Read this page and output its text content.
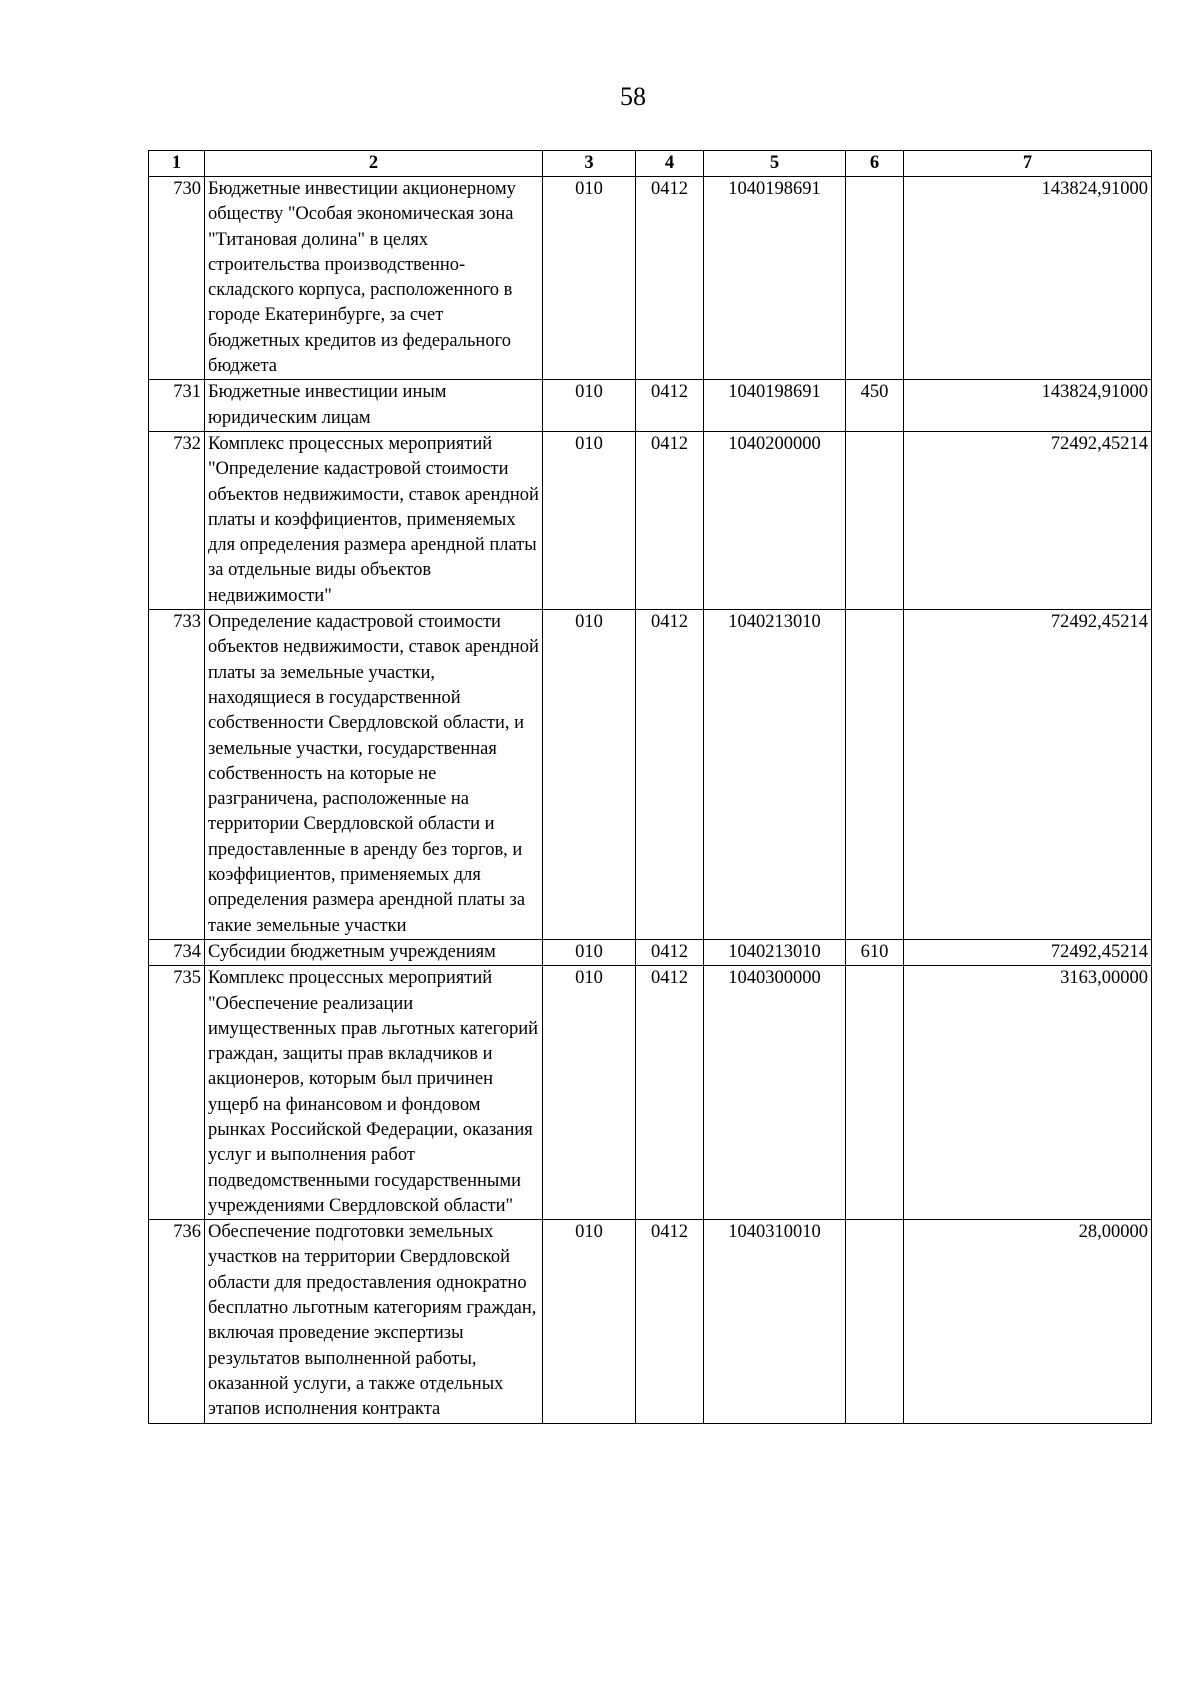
58
1	2	3	4	5	6	7
730	Бюджетные инвестиции акционерному обществу "Особая экономическая зона "Титановая долина" в целях строительства производственно-складского корпуса, расположенного в городе Екатеринбурге, за счет бюджетных кредитов из федерального бюджета	010	0412	1040198691		143824,91000
731	Бюджетные инвестиции иным юридическим лицам	010	0412	1040198691	450	143824,91000
732	Комплекс процессных мероприятий "Определение кадастровой стоимости объектов недвижимости, ставок арендной платы и коэффициентов, применяемых для определения размера арендной платы за отдельные виды объектов недвижимости"	010	0412	1040200000		72492,45214
733	Определение кадастровой стоимости объектов недвижимости, ставок арендной платы за земельные участки, находящиеся в государственной собственности Свердловской области, и земельные участки, государственная собственность на которые не разграничена, расположенные на территории Свердловской области и предоставленные в аренду без торгов, и коэффициентов, применяемых для определения размера арендной платы за такие земельные участки	010	0412	1040213010		72492,45214
734	Субсидии бюджетным учреждениям	010	0412	1040213010	610	72492,45214
735	Комплекс процессных мероприятий "Обеспечение реализации имущественных прав льготных категорий граждан, защиты прав вкладчиков и акционеров, которым был причинен ущерб на финансовом и фондовом рынках Российской Федерации, оказания услуг и выполнения работ подведомственными государственными учреждениями Свердловской области"	010	0412	1040300000		3163,00000
736	Обеспечение подготовки земельных участков на территории Свердловской области для предоставления однократно бесплатно льготным категориям граждан, включая проведение экспертизы результатов выполненной работы, оказанной услуги, а также отдельных этапов исполнения контракта	010	0412	1040310010		28,00000
